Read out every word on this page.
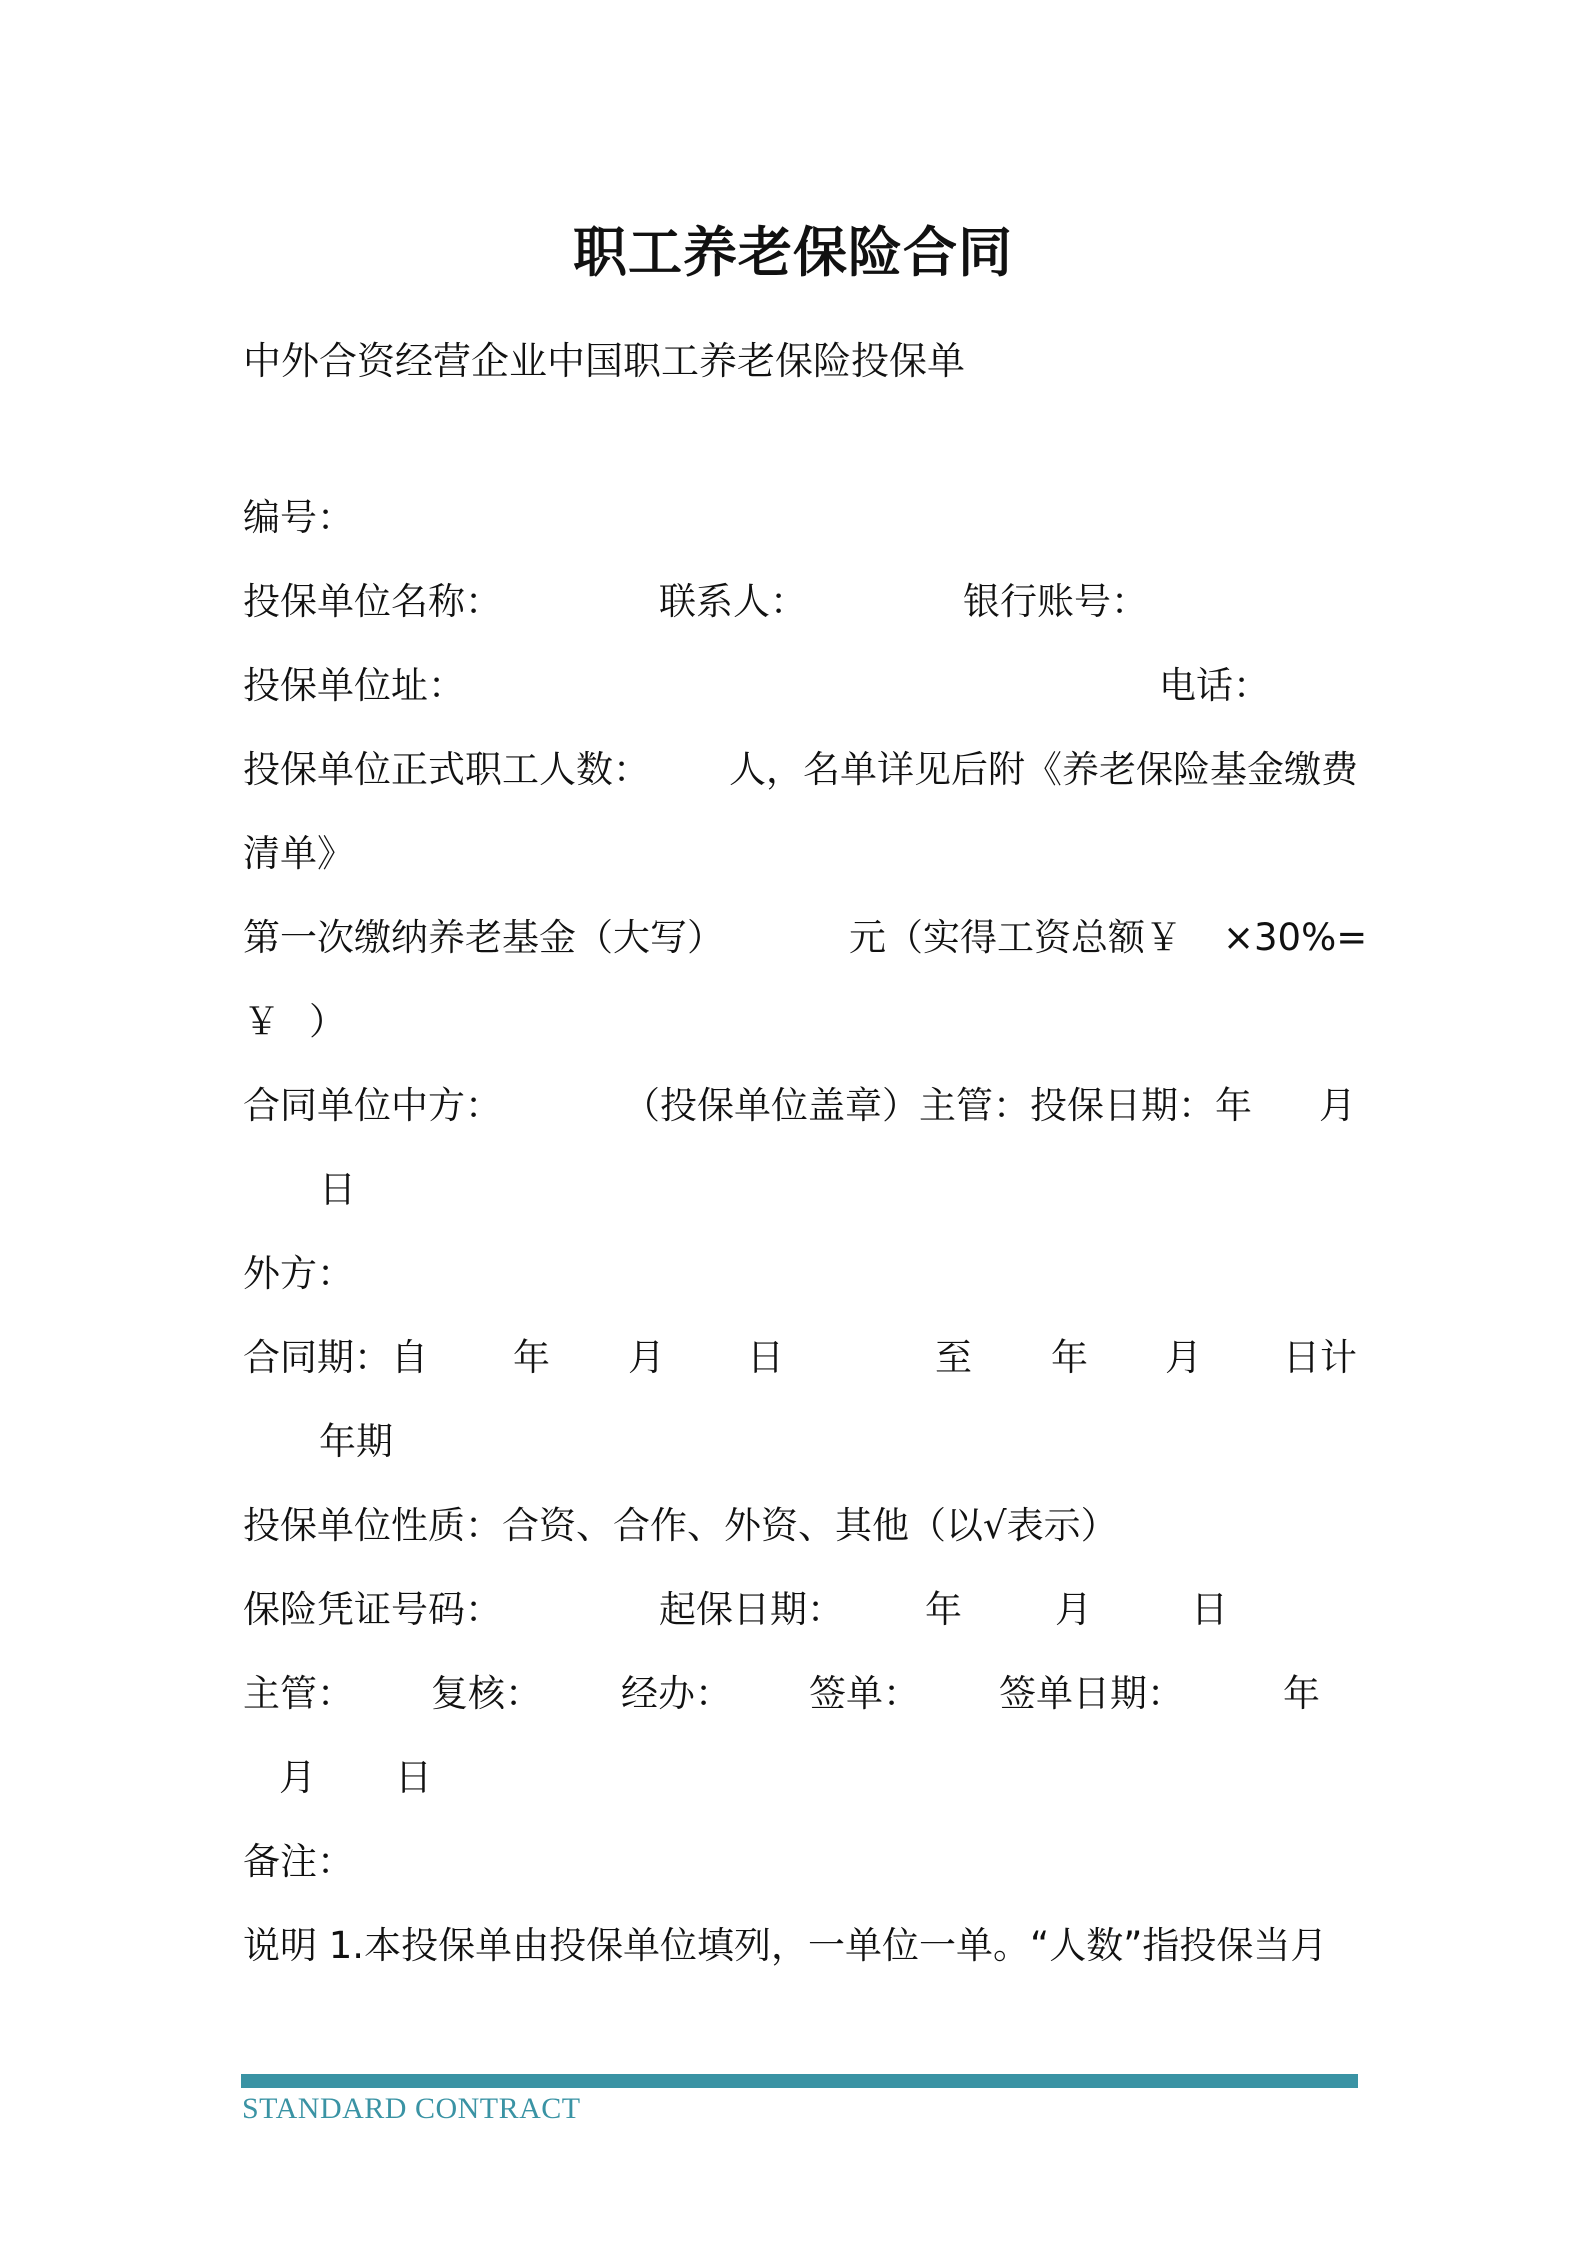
职工养老保险合同
中外合资经营企业中国职工养老保险投保单
编号：
投保单位名称：	联系人：	银行账号：
投保单位址：	电话：
投保单位正式职工人数： 人，名单详见后附《养老保险基金缴费
清单》
第一次缴纳养老基金（大写）	元（实得工资总额￥ ×30%=
￥ ）
合同单位中方：	（投保单位盖章）主管：投保日期：年 月
日
外方：
合同期：自 年 月 日	至 年 月 日计
年期
投保单位性质：合资、合作、外资、其他（以√表示）
保险凭证号码：	起保日期： 年	月	日
主管： 复核： 经办： 签单： 签单日期：	年
月 日
备注：
说明 1.本投保单由投保单位填列，一单位一单。“人数”指投保当月
STANDARD CONTRACT
